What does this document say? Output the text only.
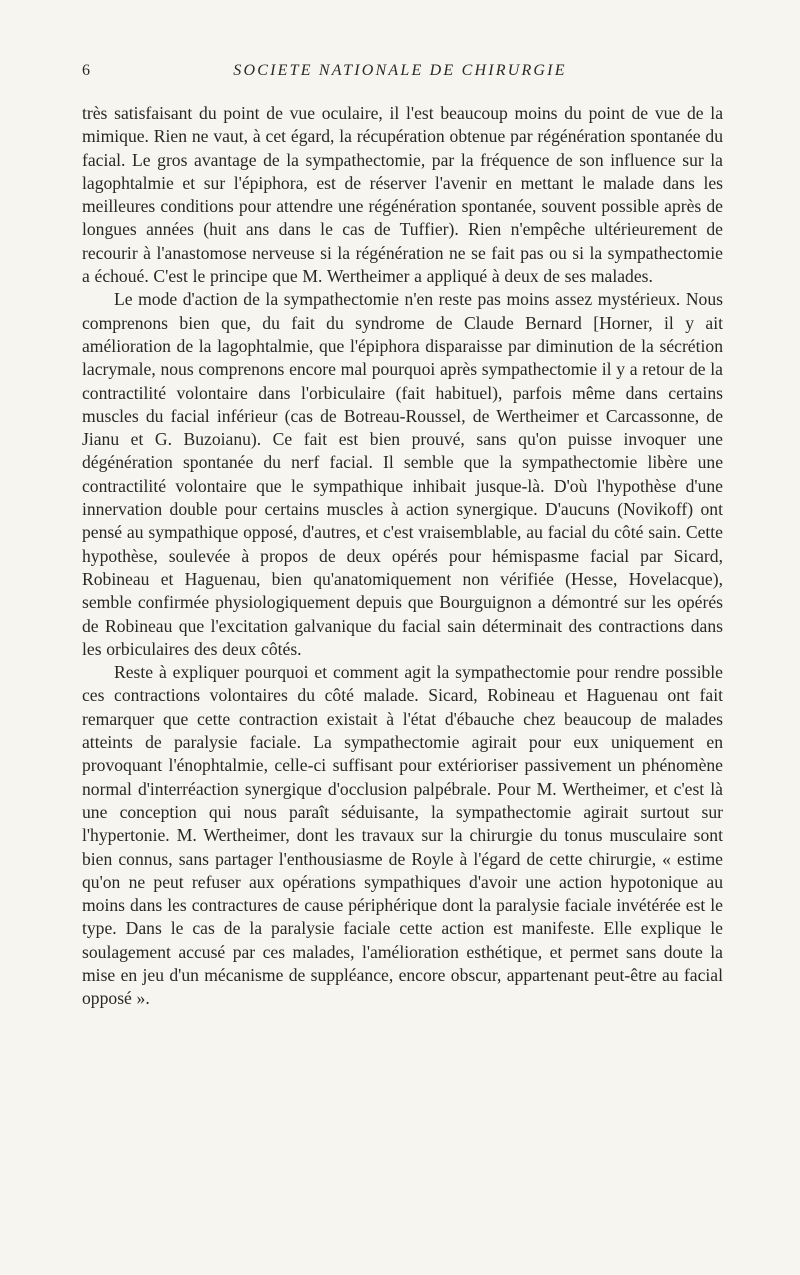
6	SOCIETE NATIONALE DE CHIRURGIE

très satisfaisant du point de vue oculaire, il l'est beaucoup moins du point de vue de la mimique. Rien ne vaut, à cet égard, la récupération obtenue par régénération spontanée du facial. Le gros avantage de la sympathectomie, par la fréquence de son influence sur la lagophtalmie et sur l'épiphora, est de réserver l'avenir en mettant le malade dans les meilleures conditions pour attendre une régénération spontanée, souvent possible après de longues années (huit ans dans le cas de Tuffier). Rien n'empêche ultérieurement de recourir à l'anastomose nerveuse si la régénération ne se fait pas ou si la sympathectomie a échoué. C'est le principe que M. Wertheimer a appliqué à deux de ses malades.

Le mode d'action de la sympathectomie n'en reste pas moins assez mystérieux. Nous comprenons bien que, du fait du syndrome de Claude Bernard [Horner, il y ait amélioration de la lagophtalmie, que l'épiphora disparaisse par diminution de la sécrétion lacrymale, nous comprenons encore mal pourquoi après sympathectomie il y a retour de la contractilité volontaire dans l'orbiculaire (fait habituel), parfois même dans certains muscles du facial inférieur (cas de Botreau-Roussel, de Wertheimer et Carcassonne, de Jianu et G. Buzoianu). Ce fait est bien prouvé, sans qu'on puisse invoquer une dégénération spontanée du nerf facial. Il semble que la sympathectomie libère une contractilité volontaire que le sympathique inhibait jusque-là. D'où l'hypothèse d'une innervation double pour certains muscles à action synergique. D'aucuns (Novikoff) ont pensé au sympathique opposé, d'autres, et c'est vraisemblable, au facial du côté sain. Cette hypothèse, soulevée à propos de deux opérés pour hémispasme facial par Sicard, Robineau et Haguenau, bien qu'anatomiquement non vérifiée (Hesse, Hovelacque), semble confirmée physiologiquement depuis que Bourguignon a démontré sur les opérés de Robineau que l'excitation galvanique du facial sain déterminait des contractions dans les orbiculaires des deux côtés.

Reste à expliquer pourquoi et comment agit la sympathectomie pour rendre possible ces contractions volontaires du côté malade. Sicard, Robineau et Haguenau ont fait remarquer que cette contraction existait à l'état d'ébauche chez beaucoup de malades atteints de paralysie faciale. La sympathectomie agirait pour eux uniquement en provoquant l'énophtalmie, celle-ci suffisant pour extérioriser passivement un phénomène normal d'interréaction synergique d'occlusion palpébrale. Pour M. Wertheimer, et c'est là une conception qui nous paraît séduisante, la sympathectomie agirait surtout sur l'hypertonie. M. Wertheimer, dont les travaux sur la chirurgie du tonus musculaire sont bien connus, sans partager l'enthousiasme de Royle à l'égard de cette chirurgie, « estime qu'on ne peut refuser aux opérations sympathiques d'avoir une action hypotonique au moins dans les contractures de cause périphérique dont la paralysie faciale invétérée est le type. Dans le cas de la paralysie faciale cette action est manifeste. Elle explique le soulagement accusé par ces malades, l'amélioration esthétique, et permet sans doute la mise en jeu d'un mécanisme de suppléance, encore obscur, appartenant peut-être au facial opposé ».
